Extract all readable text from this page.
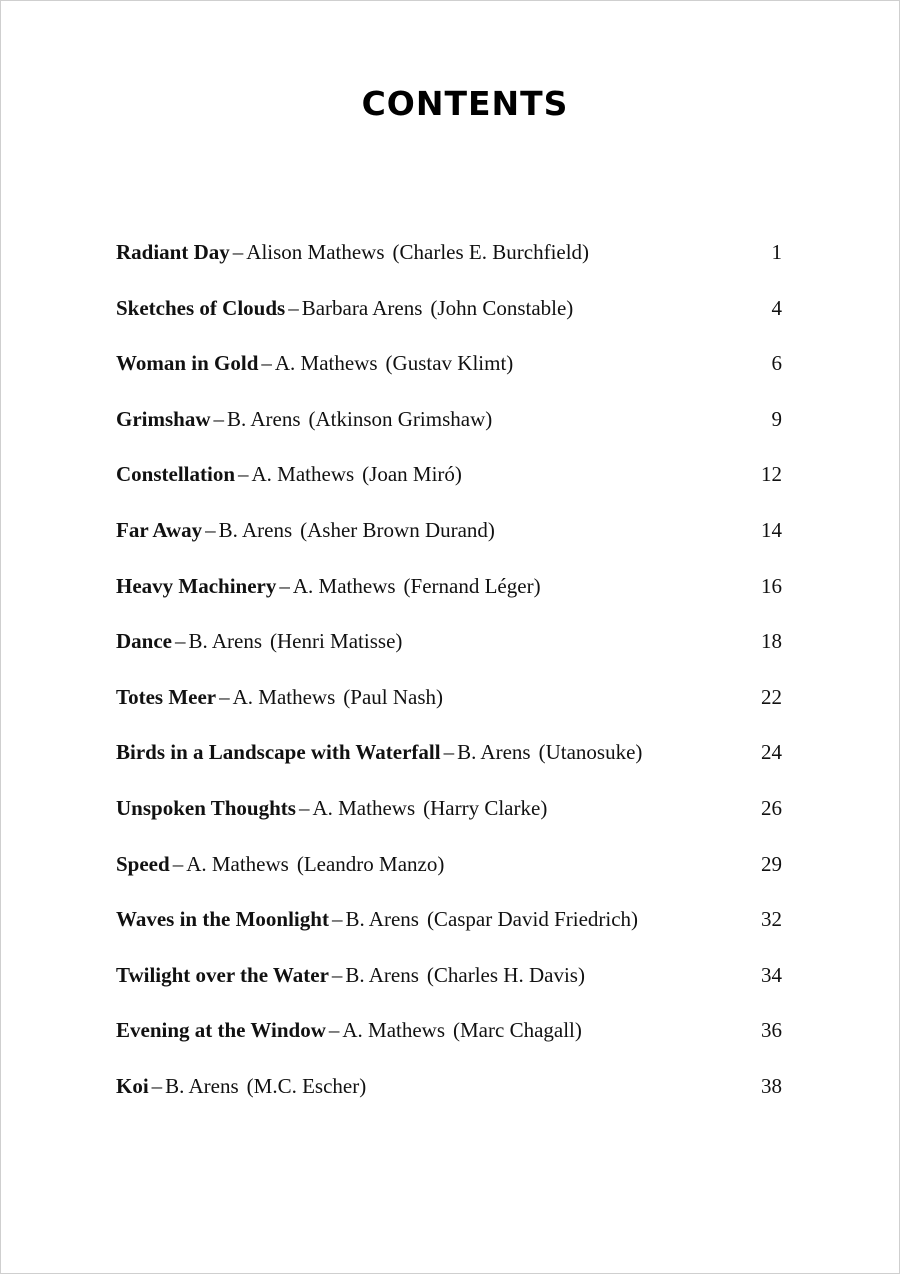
CONTENTS
Radiant Day – Alison Mathews (Charles E. Burchfield)	1
Sketches of Clouds – Barbara Arens (John Constable)	4
Woman in Gold – A. Mathews (Gustav Klimt)	6
Grimshaw – B. Arens (Atkinson Grimshaw)	9
Constellation – A. Mathews (Joan Miró)	12
Far Away – B. Arens (Asher Brown Durand)	14
Heavy Machinery – A. Mathews (Fernand Léger)	16
Dance – B. Arens (Henri Matisse)	18
Totes Meer – A. Mathews (Paul Nash)	22
Birds in a Landscape with Waterfall – B. Arens (Utanosuke)	24
Unspoken Thoughts – A. Mathews (Harry Clarke)	26
Speed – A. Mathews (Leandro Manzo)	29
Waves in the Moonlight – B. Arens (Caspar David Friedrich)	32
Twilight over the Water – B. Arens (Charles H. Davis)	34
Evening at the Window – A. Mathews (Marc Chagall)	36
Koi – B. Arens (M.C. Escher)	38
